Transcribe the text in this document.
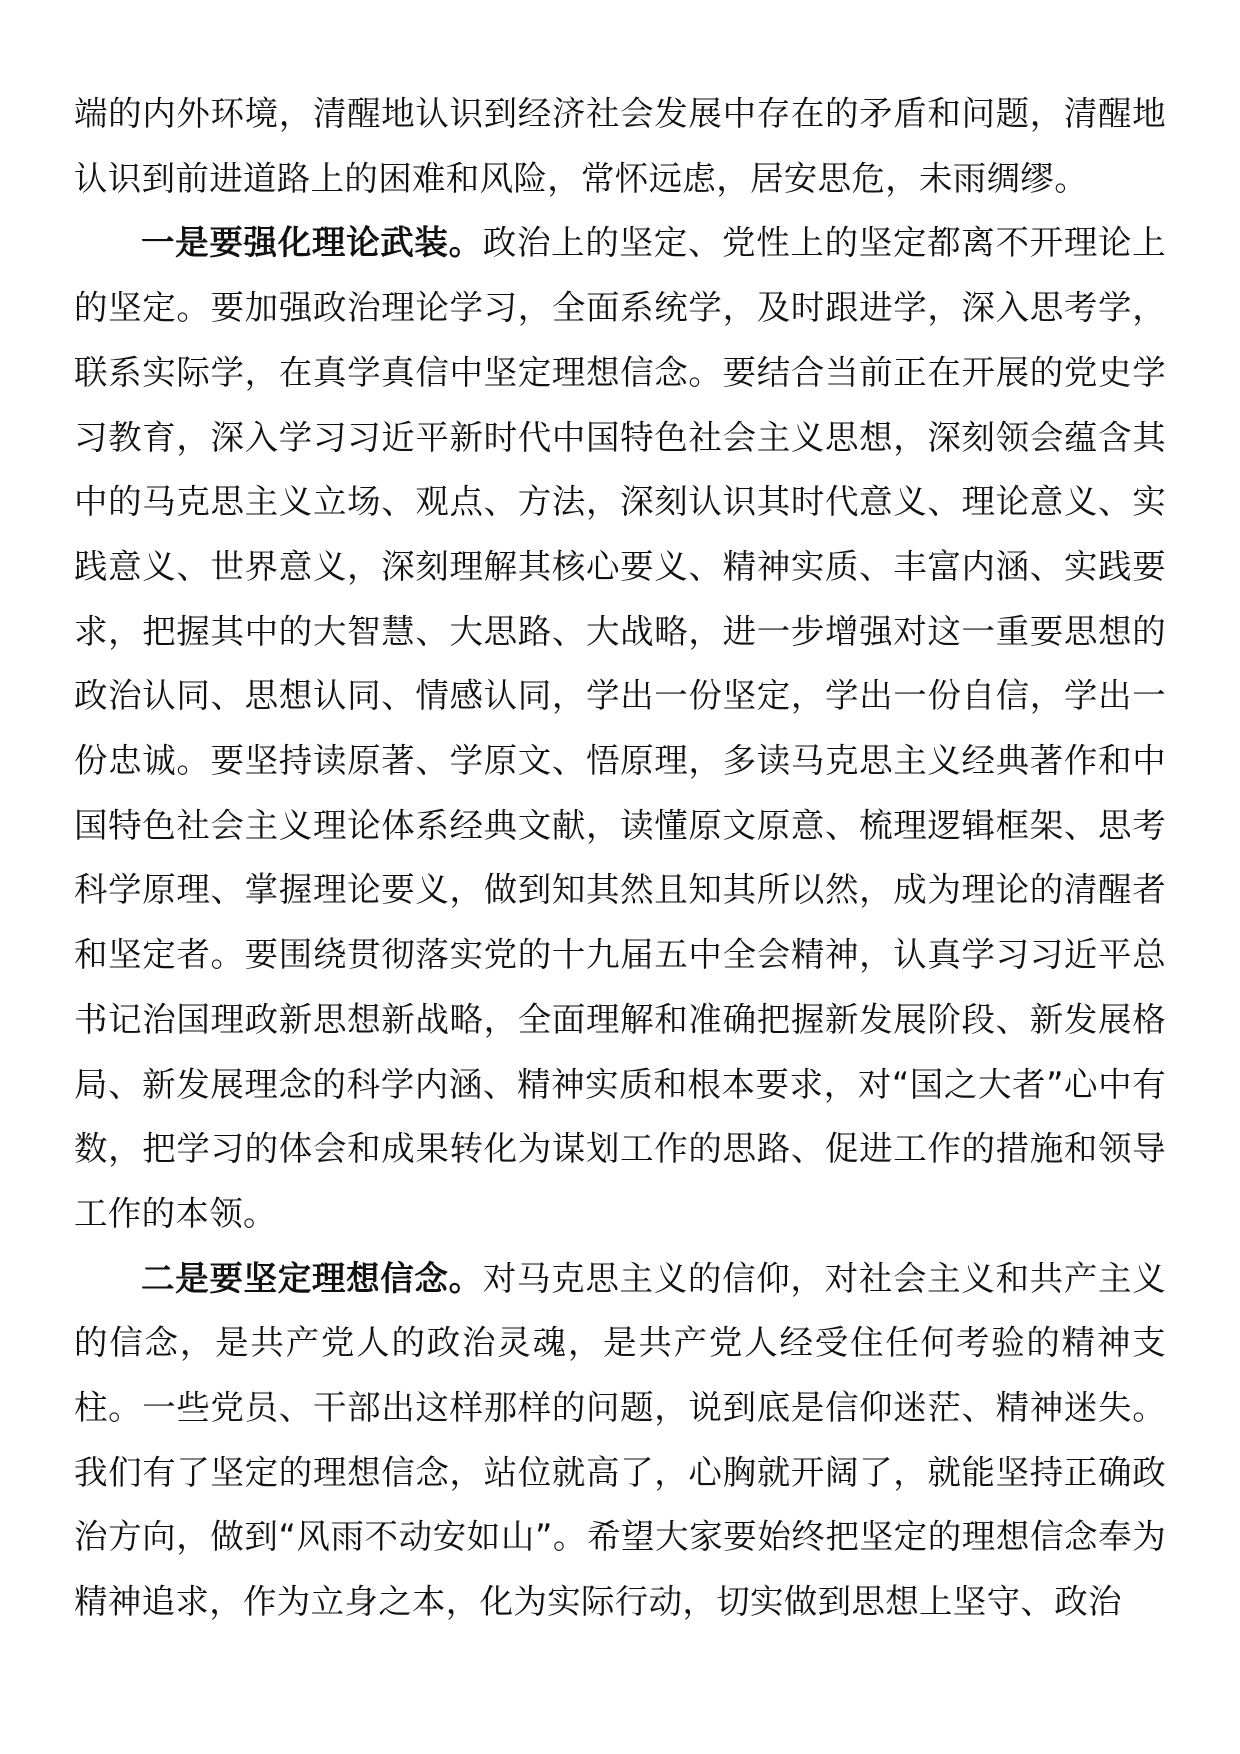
端的内外环境，清醒地认识到经济社会发展中存在的矛盾和问题，清醒地认识到前进道路上的困难和风险，常怀远虑，居安思危，未雨绸缪。

一是要强化理论武装。政治上的坚定、党性上的坚定都离不开理论上的坚定。要加强政治理论学习，全面系统学，及时跟进学，深入思考学，联系实际学，在真学真信中坚定理想信念。要结合当前正在开展的党史学习教育，深入学习习近平新时代中国特色社会主义思想，深刻领会蕴含其中的马克思主义立场、观点、方法，深刻认识其时代意义、理论意义、实践意义、世界意义，深刻理解其核心要义、精神实质、丰富内涵、实践要求，把握其中的大智慧、大思路、大战略，进一步增强对这一重要思想的政治认同、思想认同、情感认同，学出一份坚定，学出一份自信，学出一份忠诚。要坚持读原著、学原文、悟原理，多读马克思主义经典著作和中国特色社会主义理论体系经典文献，读懂原文原意、梳理逻辑框架、思考科学原理、掌握理论要义，做到知其然且知其所以然，成为理论的清醒者和坚定者。要围绕贯彻落实党的十九届五中全会精神，认真学习习近平总书记治国理政新思想新战略，全面理解和准确把握新发展阶段、新发展格局、新发展理念的科学内涵、精神实质和根本要求，对“国之大者”心中有数，把学习的体会和成果转化为谋划工作的思路、促进工作的措施和领导工作的本领。

二是要坚定理想信念。对马克思主义的信仰，对社会主义和共产主义的信念，是共产党人的政治灵魂，是共产党人经受住任何考验的精神支柱。一些党员、干部出这样那样的问题，说到底是信仰迷茫、精神迷失。我们有了坚定的理想信念，站位就高了，心胸就开阔了，就能坚持正确政治方向，做到“风雨不动安如山”。希望大家要始终把坚定的理想信念奉为精神追求，作为立身之本，化为实际行动，切实做到思想上坚守、政治
